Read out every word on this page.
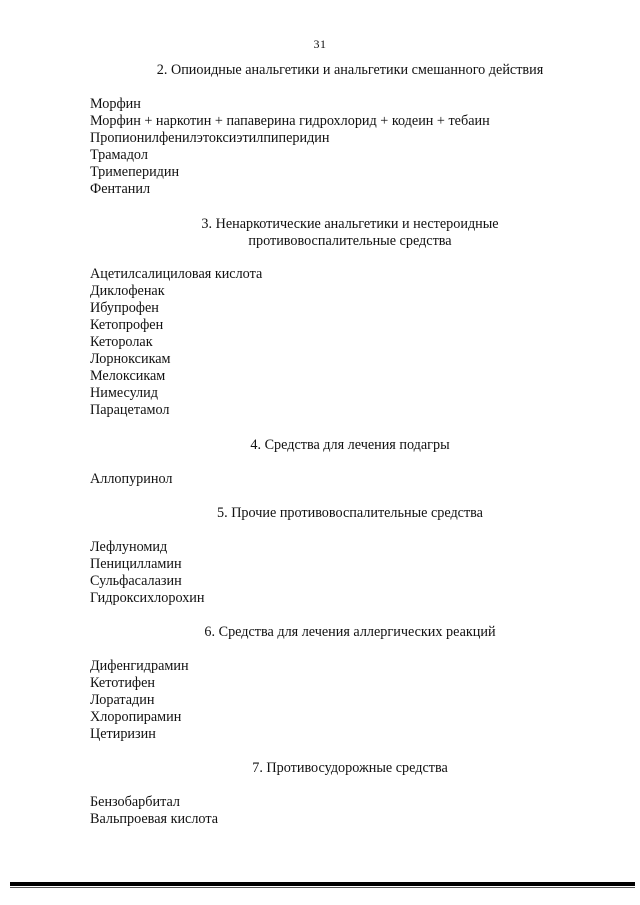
31
2. Опиоидные анальгетики и анальгетики смешанного действия
Морфин
Морфин + наркотин + папаверина гидрохлорид + кодеин + тебаин
Пропионилфенилэтоксиэтилпиперидин
Трамадол
Тримеперидин
Фентанил
3. Ненаркотические анальгетики и нестероидные
противовоспалительные средства
Ацетилсалициловая кислота
Диклофенак
Ибупрофен
Кетопрофен
Кеторолак
Лорноксикам
Мелоксикам
Нимесулид
Парацетамол
4. Средства для лечения подагры
Аллопуринол
5. Прочие противовоспалительные средства
Лефлуномид
Пеницилламин
Сульфасалазин
Гидроксихлорохин
6. Средства для лечения аллергических реакций
Дифенгидрамин
Кетотифен
Лоратадин
Хлоропирамин
Цетиризин
7. Противосудорожные средства
Бензобарбитал
Вальпроевая кислота
